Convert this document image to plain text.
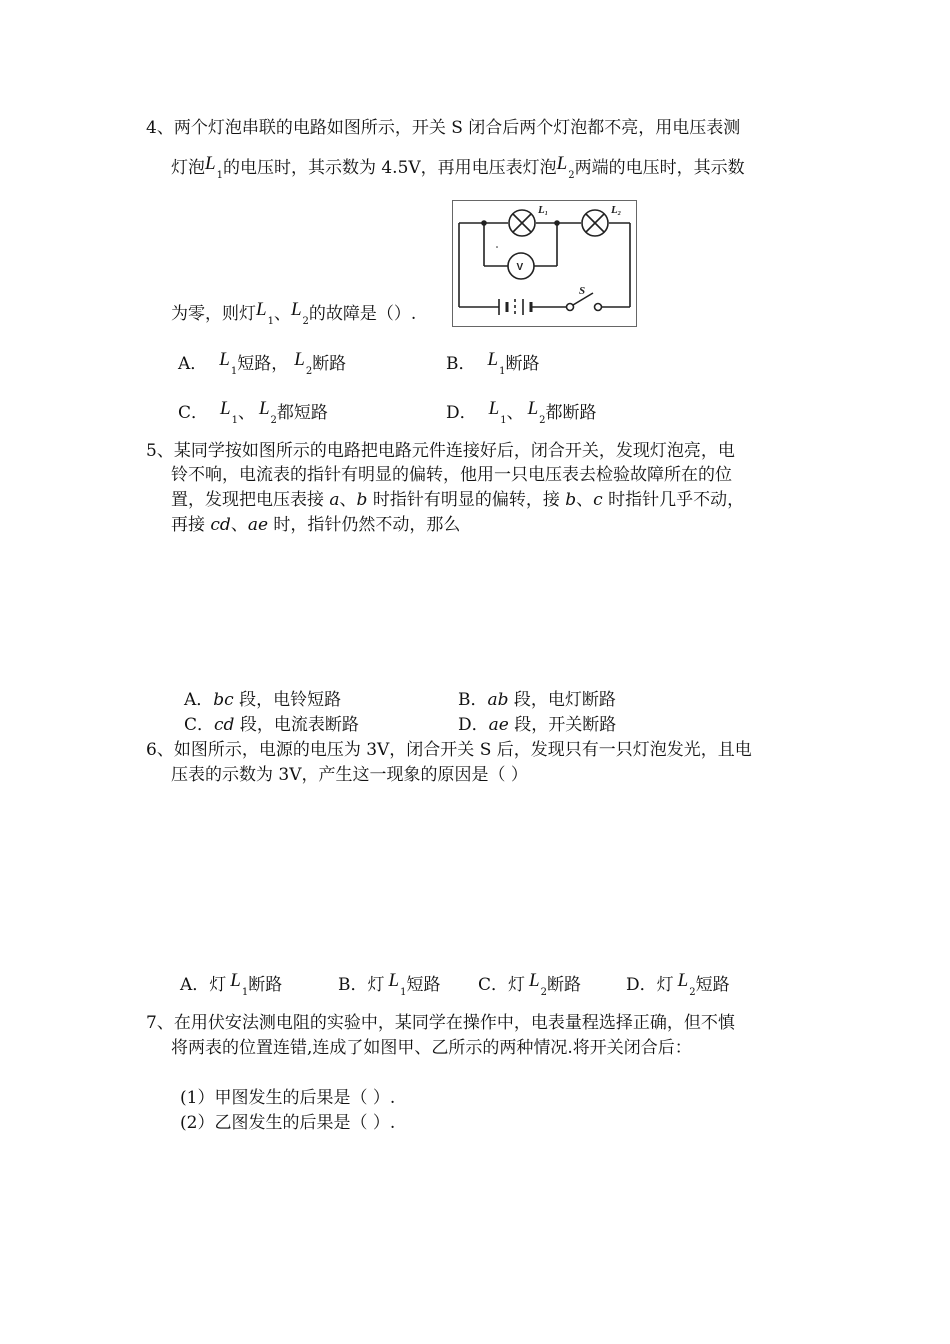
4、两个灯泡串联的电路如图所示，开关 S 闭合后两个灯泡都不亮，用电压表测
灯泡$L_1$的电压时，其示数为 4.5V，再用电压表灯泡$L_2$两端的电压时，其示数
为零，则灯$L_1$、$L_2$的故障是（）.
L1	L2
V
S
A． $L_1$短路， $L_2$断路	B． $L_1$断路
C． $L_1$、 $L_2$都短路	D． $L_1$、 $L_2$都断路
5、某同学按如图所示的电路把电路元件连接好后，闭合开关，发现灯泡亮，电
铃不响，电流表的指针有明显的偏转，他用一只电压表去检验故障所在的位
置，发现把电压表接 a、b 时指针有明显的偏转，接 b、c 时指针几乎不动，
再接 cd、ae 时，指针仍然不动，那么
A．bc 段，电铃短路	B．ab 段，电灯断路
C．cd 段，电流表断路	D．ae 段，开关断路
6、如图所示，电源的电压为 3V，闭合开关 S 后，发现只有一只灯泡发光，且电
压表的示数为 3V，产生这一现象的原因是（ ）
A．灯 $L_1$断路	B．灯 $L_1$短路 C．灯 $L_2$断路	D．灯 $L_2$短路
7、在用伏安法测电阻的实验中，某同学在操作中，电表量程选择正确，但不慎
将两表的位置连错,连成了如图甲、乙所示的两种情况.将开关闭合后：
(1）甲图发生的后果是（ ）.
(2）乙图发生的后果是（ ）.
